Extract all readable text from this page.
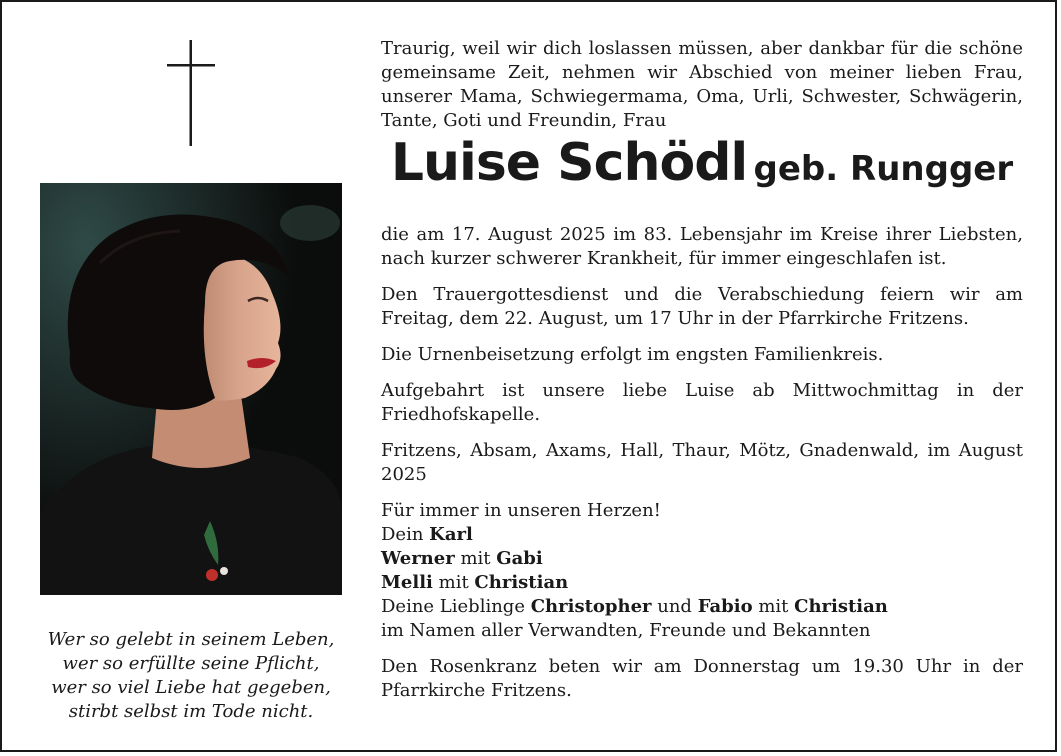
Wer so gelebt in seinem Leben,
wer so erfüllte seine Pflicht,
wer so viel Liebe hat gegeben,
stirbt selbst im Tode nicht.

Traurig, weil wir dich loslassen müssen, aber dankbar für die schöne gemeinsame Zeit, nehmen wir Abschied von meiner lieben Frau, unserer Mama, Schwiegermama, Oma, Urli, Schwester, Schwägerin, Tante, Goti und Freundin, Frau

Luise Schödl geb. Rungger

die am 17. August 2025 im 83. Lebensjahr im Kreise ihrer Liebsten, nach kurzer schwerer Krankheit, für immer eingeschlafen ist.

Den Trauergottesdienst und die Verabschiedung feiern wir am Freitag, dem 22. August, um 17 Uhr in der Pfarrkirche Fritzens.

Die Urnenbeisetzung erfolgt im engsten Familienkreis.

Aufgebahrt ist unsere liebe Luise ab Mittwochmittag in der Friedhofskapelle.

Fritzens, Absam, Axams, Hall, Thaur, Mötz, Gnadenwald, im August 2025

Für immer in unseren Herzen!
Dein Karl
Werner mit Gabi
Melli mit Christian
Deine Lieblinge Christopher und Fabio mit Christian
im Namen aller Verwandten, Freunde und Bekannten

Den Rosenkranz beten wir am Donnerstag um 19.30 Uhr in der Pfarrkirche Fritzens.
